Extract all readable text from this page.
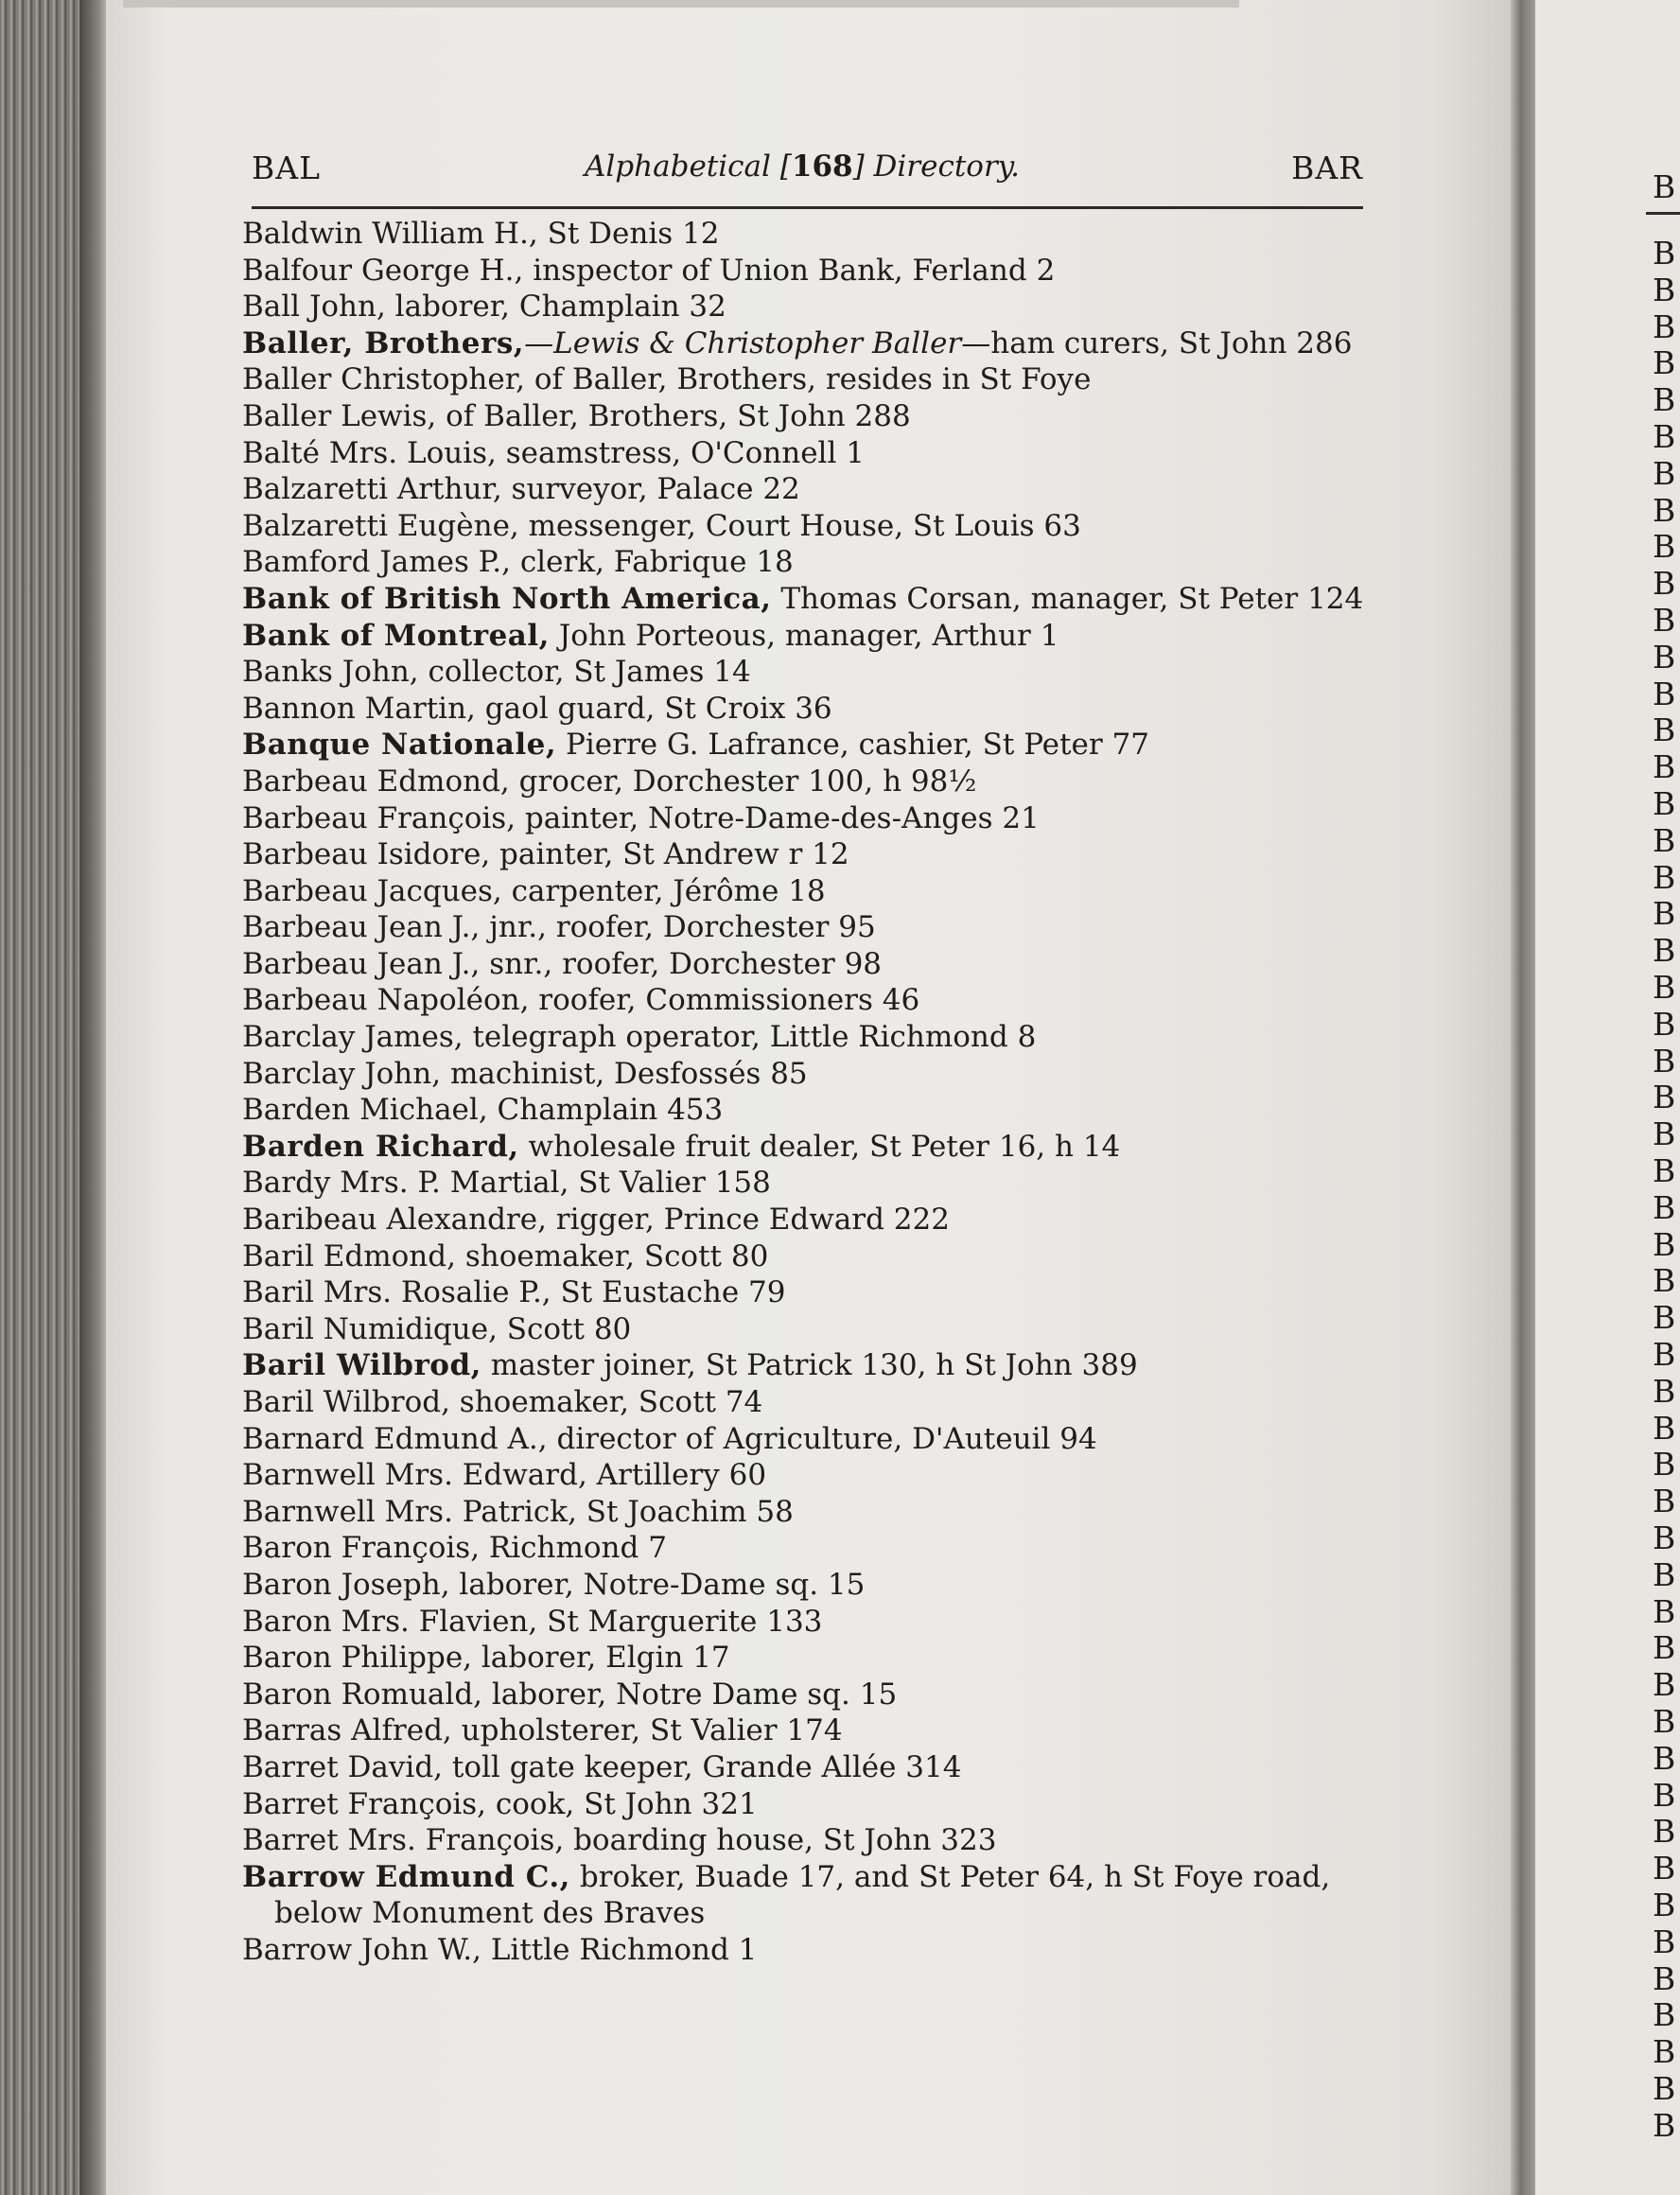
B
B
B
B
B
B
B
B
B
B
B
B
B
B
B
B
B
B
B
B
B
B
B
B
B
B
B
B
B
B
B
B
B
B
B
B
B
B
B
B
B
B
B
B
B
B
B
B
B
B
B
B
B
BAL	Alphabetical [168] Directory.	BAR
Baldwin William H., St Denis 12
Balfour George H., inspector of Union Bank, Ferland 2
Ball John, laborer, Champlain 32
Baller, Brothers,—Lewis & Christopher Baller—ham curers, St John 286
Baller Christopher, of Baller, Brothers, resides in St Foye
Baller Lewis, of Baller, Brothers, St John 288
Balté Mrs. Louis, seamstress, O'Connell 1
Balzaretti Arthur, surveyor, Palace 22
Balzaretti Eugène, messenger, Court House, St Louis 63
Bamford James P., clerk, Fabrique 18
Bank of British North America, Thomas Corsan, manager, St Peter 124
Bank of Montreal, John Porteous, manager, Arthur 1
Banks John, collector, St James 14
Bannon Martin, gaol guard, St Croix 36
Banque Nationale, Pierre G. Lafrance, cashier, St Peter 77
Barbeau Edmond, grocer, Dorchester 100, h 98½
Barbeau François, painter, Notre-Dame-des-Anges 21
Barbeau Isidore, painter, St Andrew r 12
Barbeau Jacques, carpenter, Jérôme 18
Barbeau Jean J., jnr., roofer, Dorchester 95
Barbeau Jean J., snr., roofer, Dorchester 98
Barbeau Napoléon, roofer, Commissioners 46
Barclay James, telegraph operator, Little Richmond 8
Barclay John, machinist, Desfossés 85
Barden Michael, Champlain 453
Barden Richard, wholesale fruit dealer, St Peter 16, h 14
Bardy Mrs. P. Martial, St Valier 158
Baribeau Alexandre, rigger, Prince Edward 222
Baril Edmond, shoemaker, Scott 80
Baril Mrs. Rosalie P., St Eustache 79
Baril Numidique, Scott 80
Baril Wilbrod, master joiner, St Patrick 130, h St John 389
Baril Wilbrod, shoemaker, Scott 74
Barnard Edmund A., director of Agriculture, D'Auteuil 94
Barnwell Mrs. Edward, Artillery 60
Barnwell Mrs. Patrick, St Joachim 58
Baron François, Richmond 7
Baron Joseph, laborer, Notre-Dame sq. 15
Baron Mrs. Flavien, St Marguerite 133
Baron Philippe, laborer, Elgin 17
Baron Romuald, laborer, Notre Dame sq. 15
Barras Alfred, upholsterer, St Valier 174
Barret David, toll gate keeper, Grande Allée 314
Barret François, cook, St John 321
Barret Mrs. François, boarding house, St John 323
Barrow Edmund C., broker, Buade 17, and St Peter 64, h St Foye road, below Monument des Braves
Barrow John W., Little Richmond 1
